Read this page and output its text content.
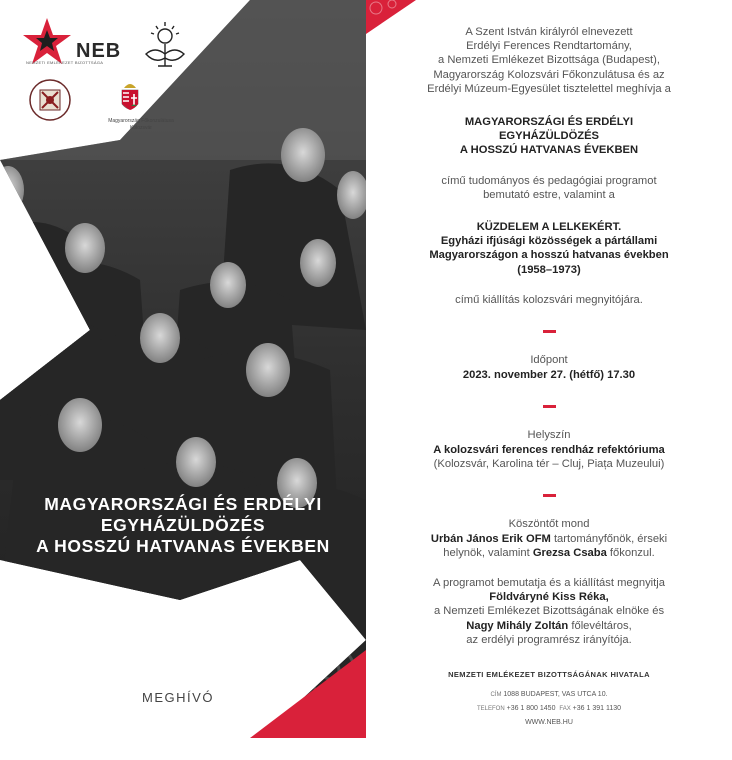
NEB
NEMZETI EMLÉKEZET BIZOTTSÁGA
Magyarország Főkonzulátusa
Kolozsvár
MAGYARORSZÁGI ÉS ERDÉLYI
EGYHÁZÜLDÖZÉS
A HOSSZÚ HATVANAS ÉVEKBEN
MEGHÍVÓ
A Szent István királyról elnevezett
Erdélyi Ferences Rendtartomány,
a Nemzeti Emlékezet Bizottsága (Budapest),
Magyarország Kolozsvári Főkonzulátusa és az
Erdélyi Múzeum-Egyesület tisztelettel meghívja a
MAGYARORSZÁGI ÉS ERDÉLYI
EGYHÁZÜLDÖZÉS
A HOSSZÚ HATVANAS ÉVEKBEN
című tudományos és pedagógiai programot
bemutató estre, valamint a
KÜZDELEM A LELKEKÉRT.
Egyházi ifjúsági közösségek a pártállami
Magyarországon a hosszú hatvanas években
(1958–1973)
című kiállítás kolozsvári megnyitójára.
Időpont
2023. november 27. (hétfő) 17.30
Helyszín
A kolozsvári ferences rendház refektóriuma
(Kolozsvár, Karolina tér – Cluj, Piața Muzeului)
Köszöntőt mond
Urbán János Erik OFM tartományfőnök, érseki
helynök, valamint Grezsa Csaba főkonzul.
A programot bemutatja és a kiállítást megnyitja
Földváryné Kiss Réka,
a Nemzeti Emlékezet Bizottságának elnöke és
Nagy Mihály Zoltán főlevéltáros,
az erdélyi programrész irányítója.
NEMZETI EMLÉKEZET BIZOTTSÁGÁNAK HIVATALA
CÍM 1088 BUDAPEST, VAS UTCA 10.
TELEFON +36 1 800 1450 FAX +36 1 391 1130
WWW.NEB.HU
